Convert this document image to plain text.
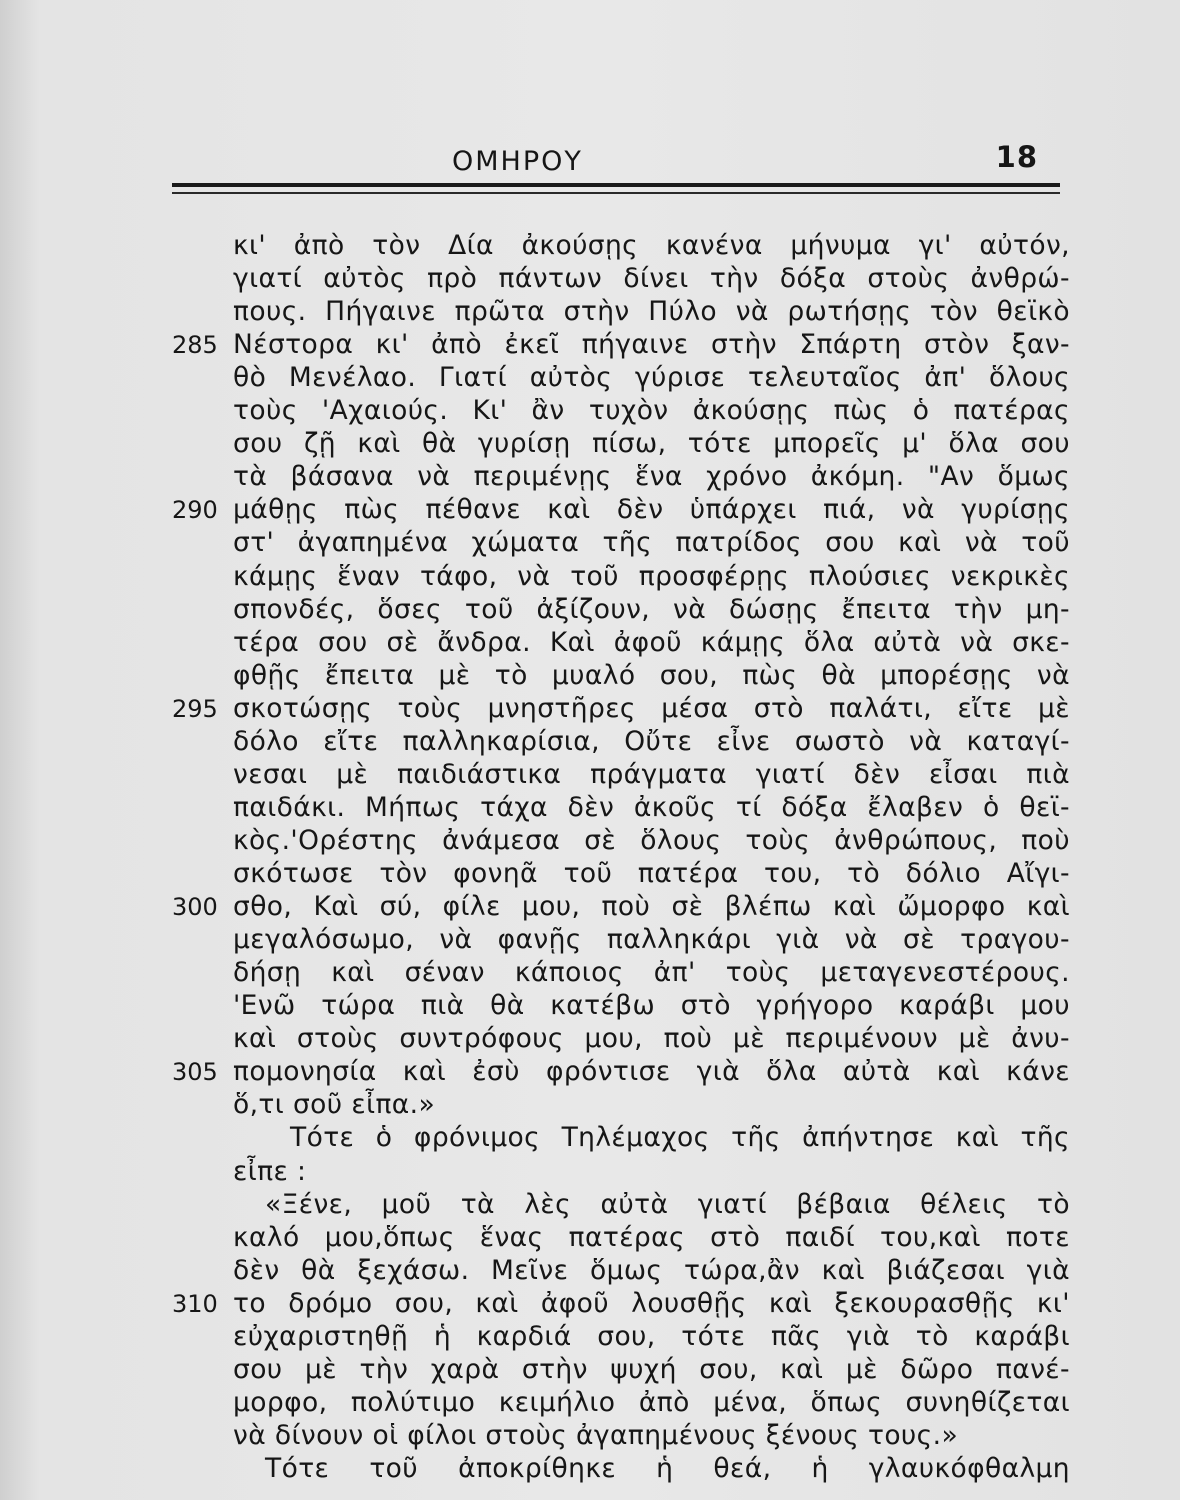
ΟΜΗΡΟΥ	18
285
290
295
300
305
310
κι' ἀπὸ τὸν Δία ἀκούσῃς κανένα μήνυμα γι' αὐτόν,
γιατί αὐτὸς πρὸ πάντων δίνει τὴν δόξα στοὺς ἀνθρώ-
πους. Πήγαινε πρῶτα στὴν Πύλο νὰ ρωτήσῃς τὸν θεϊκὸ
Νέστορα κι' ἀπὸ ἐκεῖ πήγαινε στὴν Σπάρτη στὸν ξαν-
θὸ Μενέλαο. Γιατί αὐτὸς γύρισε τελευταῖος ἀπ' ὅλους
τοὺς 'Αχαιούς. Κι' ἂν τυχὸν ἀκούσῃς πὼς ὁ πατέρας
σου ζῇ καὶ θὰ γυρίσῃ πίσω, τότε μπορεῖς μ' ὅλα σου
τὰ βάσανα νὰ περιμένῃς ἕνα χρόνο ἀκόμη. "Αν ὅμως
μάθῃς πὼς πέθανε καὶ δὲν ὑπάρχει πιά, νὰ γυρίσῃς
στ' ἀγαπημένα χώματα τῆς πατρίδος σου καὶ νὰ τοῦ
κάμῃς ἕναν τάφο, νὰ τοῦ προσφέρῃς πλούσιες νεκρικὲς
σπονδές, ὅσες τοῦ ἀξίζουν, νὰ δώσῃς ἔπειτα τὴν μη-
τέρα σου σὲ ἄνδρα. Καὶ ἀφοῦ κάμῃς ὅλα αὐτὰ νὰ σκε-
φθῇς ἔπειτα μὲ τὸ μυαλό σου, πὼς θὰ μπορέσῃς νὰ
σκοτώσῃς τοὺς μνηστῆρες μέσα στὸ παλάτι, εἴτε μὲ
δόλο εἴτε παλληκαρίσια, Οὔτε εἶνε σωστὸ νὰ καταγί-
νεσαι μὲ παιδιάστικα πράγματα γιατί δὲν εἶσαι πιὰ
παιδάκι. Μήπως τάχα δὲν ἀκοῦς τί δόξα ἔλαβεν ὁ θεϊ-
κὸς.'Ορέστης ἀνάμεσα σὲ ὅλους τοὺς ἀνθρώπους, ποὺ
σκότωσε τὸν φονηᾶ τοῦ πατέρα του, τὸ δόλιο Αἴγι-
σθο, Καὶ σύ, φίλε μου, ποὺ σὲ βλέπω καὶ ὤμορφο καὶ
μεγαλόσωμο, νὰ φανῇς παλληκάρι γιὰ νὰ σὲ τραγου-
δήσῃ καὶ σέναν κάποιος ἀπ' τοὺς μεταγενεστέρους.
'Ενῶ τώρα πιὰ θὰ κατέβω στὸ γρήγορο καράβι μου
καὶ στοὺς συντρόφους μου, ποὺ μὲ περιμένουν μὲ ἀνυ-
πομονησία καὶ ἐσὺ φρόντισε γιὰ ὅλα αὐτὰ καὶ κάνε
ὅ,τι σοῦ εἶπα.»
Τότε ὁ φρόνιμος Τηλέμαχος τῆς ἀπήντησε καὶ τῆς
εἶπε :
«Ξένε, μοῦ τὰ λὲς αὐτὰ γιατί βέβαια θέλεις τὸ
καλό μου,ὅπως ἕνας πατέρας στὸ παιδί του,καὶ ποτε
δὲν θὰ ξεχάσω. Μεῖνε ὅμως τώρα,ἂν καὶ βιάζεσαι γιὰ
το δρόμο σου, καὶ ἀφοῦ λουσθῇς καὶ ξεκουρασθῇς κι'
εὐχαριστηθῇ ἡ καρδιά σου, τότε πᾶς γιὰ τὸ καράβι
σου μὲ τὴν χαρὰ στὴν ψυχή σου, καὶ μὲ δῶρο πανέ-
μορφο, πολύτιμο κειμήλιο ἀπὸ μένα, ὅπως συνηθίζεται
νὰ δίνουν οἱ φίλοι στοὺς ἀγαπημένους ξένους τους.»
Τότε τοῦ ἀποκρίθηκε ἡ θεά, ἡ γλαυκόφθαλμη
